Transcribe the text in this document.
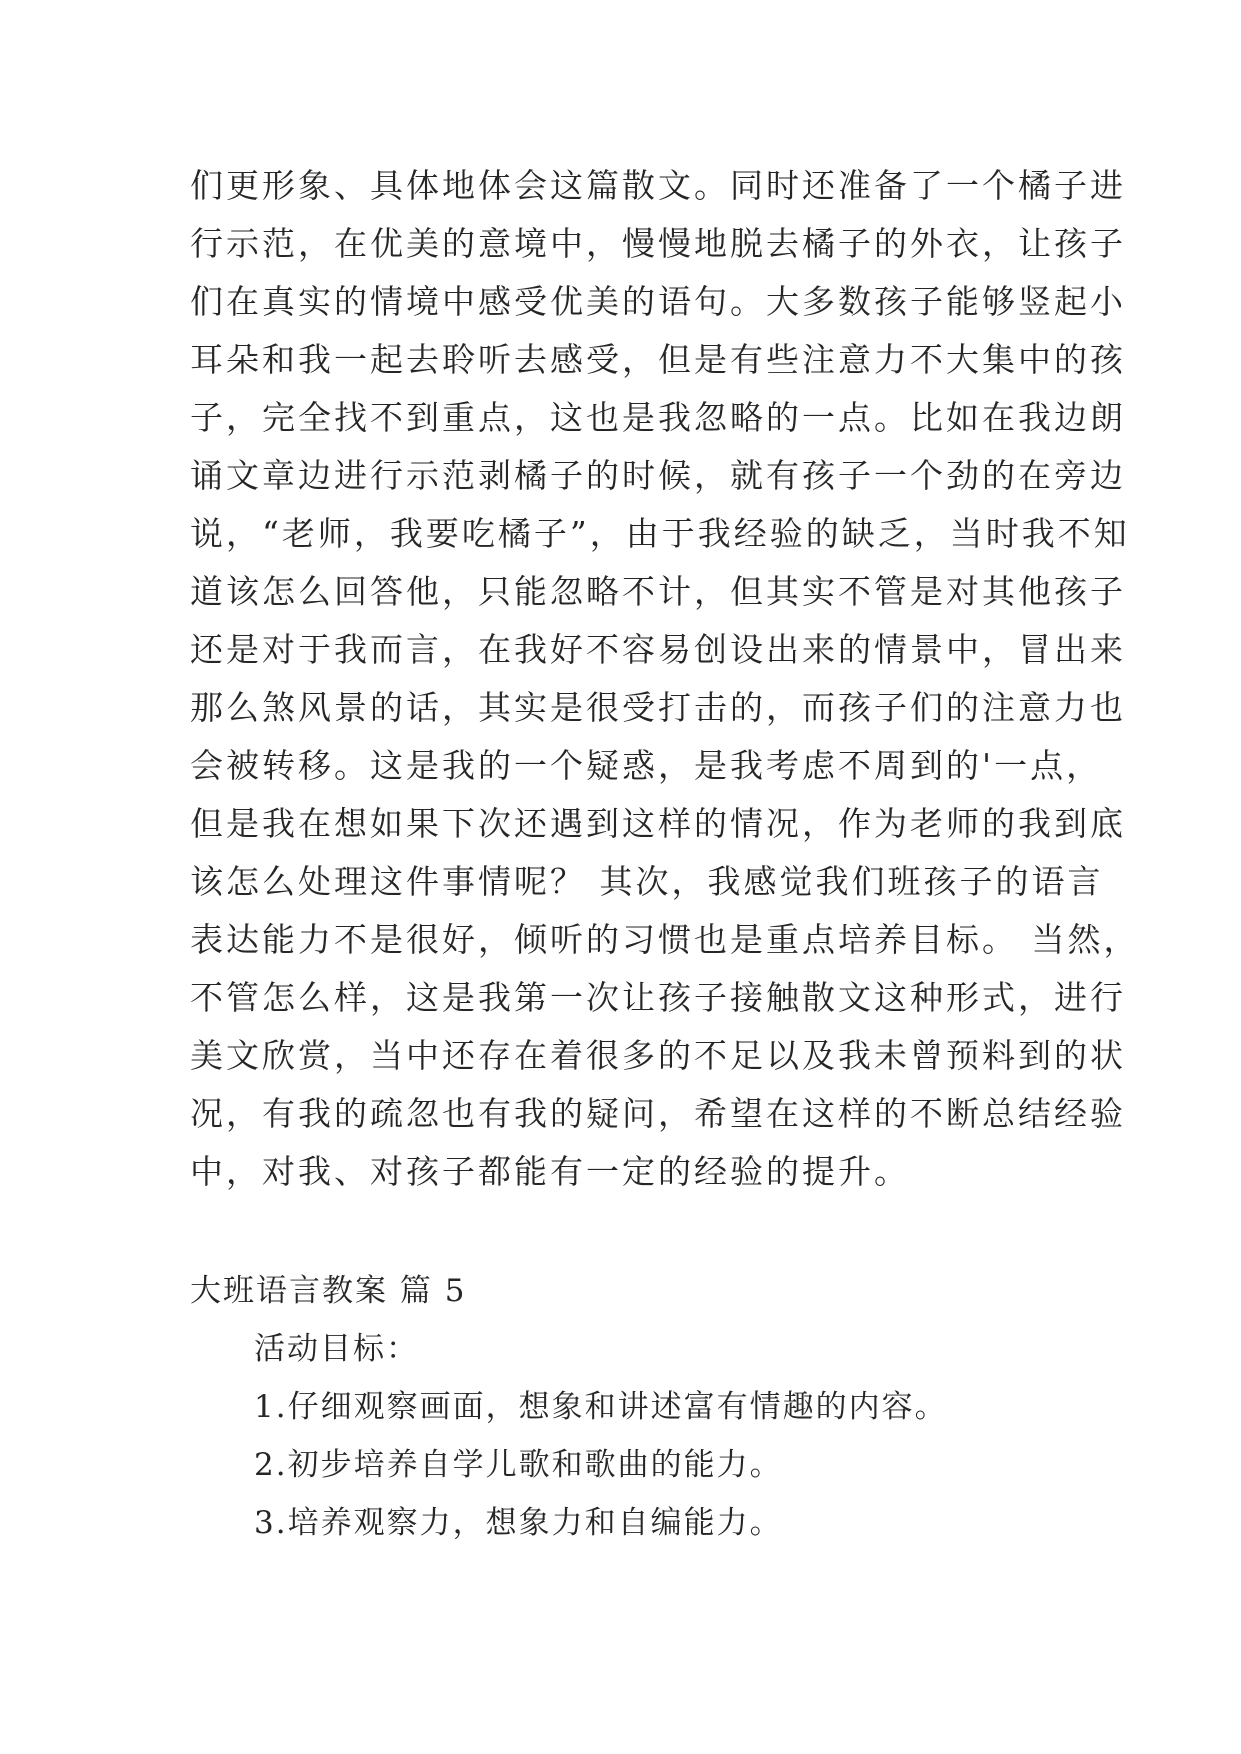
们更形象、具体地体会这篇散文。同时还准备了一个橘子进
行示范，在优美的意境中，慢慢地脱去橘子的外衣，让孩子
们在真实的情境中感受优美的语句。大多数孩子能够竖起小
耳朵和我一起去聆听去感受，但是有些注意力不大集中的孩
子，完全找不到重点，这也是我忽略的一点。比如在我边朗
诵文章边进行示范剥橘子的时候，就有孩子一个劲的在旁边
说，“老师，我要吃橘子”，由于我经验的缺乏，当时我不知
道该怎么回答他，只能忽略不计，但其实不管是对其他孩子
还是对于我而言，在我好不容易创设出来的情景中，冒出来
那么煞风景的话，其实是很受打击的，而孩子们的注意力也
会被转移。这是我的一个疑惑，是我考虑不周到的'一点，
但是我在想如果下次还遇到这样的情况，作为老师的我到底
该怎么处理这件事情呢？ 其次，我感觉我们班孩子的语言
表达能力不是很好，倾听的习惯也是重点培养目标。 当然，
不管怎么样，这是我第一次让孩子接触散文这种形式，进行
美文欣赏，当中还存在着很多的不足以及我未曾预料到的状
况，有我的疏忽也有我的疑问，希望在这样的不断总结经验
中，对我、对孩子都能有一定的经验的提升。
大班语言教案 篇 5
活动目标：
1.仔细观察画面，想象和讲述富有情趣的内容。
2.初步培养自学儿歌和歌曲的能力。
3.培养观察力，想象力和自编能力。
